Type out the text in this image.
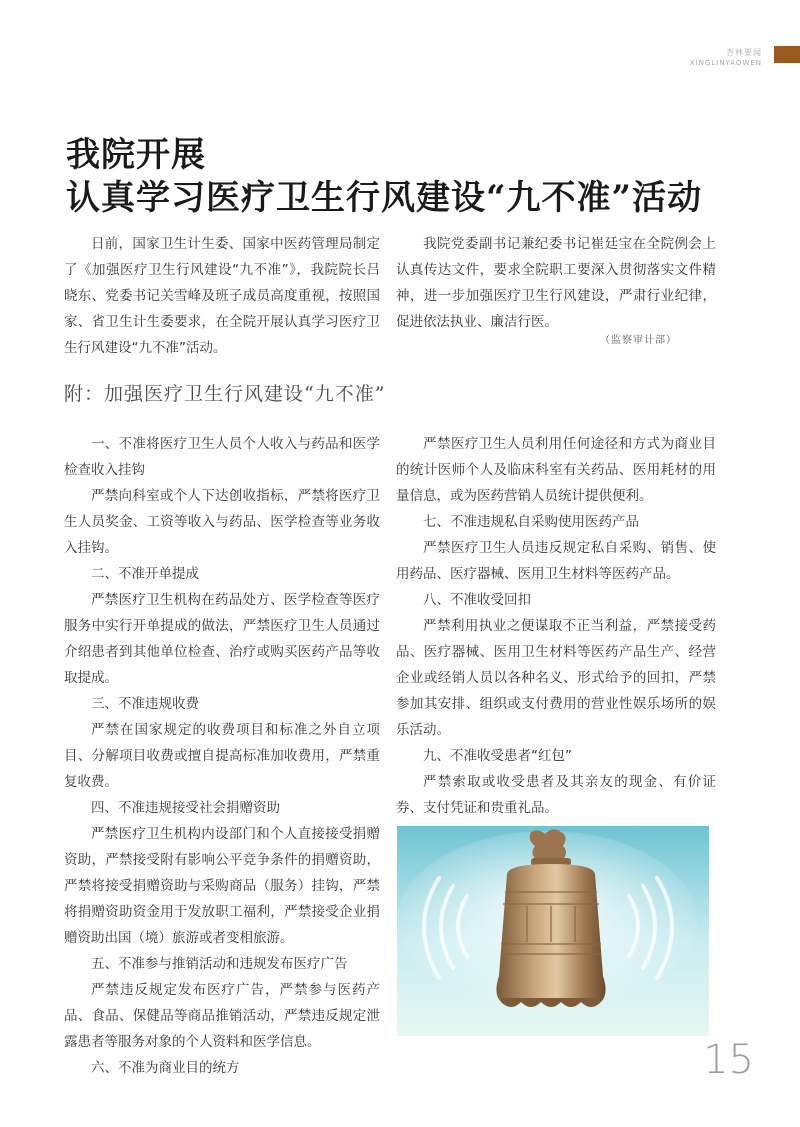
杏林要闻
XINGLINYAOWEN
我院开展
认真学习医疗卫生行风建设“九不准”活动

日前，国家卫生计生委、国家中医药管理局制定了《加强医疗卫生行风建设“九不准”》，我院院长吕晓东、党委书记关雪峰及班子成员高度重视，按照国家、省卫生计生委要求，在全院开展认真学习医疗卫生行风建设“九不准”活动。

我院党委副书记兼纪委书记崔廷宝在全院例会上认真传达文件，要求全院职工要深入贯彻落实文件精神，进一步加强医疗卫生行风建设，严肃行业纪律，促进依法执业、廉洁行医。

（监察审计部）
附：加强医疗卫生行风建设“九不准”

一、不准将医疗卫生人员个人收入与药品和医学检查收入挂钩

严禁向科室或个人下达创收指标，严禁将医疗卫生人员奖金、工资等收入与药品、医学检查等业务收入挂钩。

二、不准开单提成

严禁医疗卫生机构在药品处方、医学检查等医疗服务中实行开单提成的做法，严禁医疗卫生人员通过介绍患者到其他单位检查、治疗或购买医药产品等收取提成。

三、不准违规收费

严禁在国家规定的收费项目和标准之外自立项目、分解项目收费或擅自提高标准加收费用，严禁重复收费。

四、不准违规接受社会捐赠资助

严禁医疗卫生机构内设部门和个人直接接受捐赠资助，严禁接受附有影响公平竞争条件的捐赠资助，严禁将接受捐赠资助与采购商品（服务）挂钩，严禁将捐赠资助资金用于发放职工福利，严禁接受企业捐赠资助出国（境）旅游或者变相旅游。

五、不准参与推销活动和违规发布医疗广告

严禁违反规定发布医疗广告，严禁参与医药产品、食品、保健品等商品推销活动，严禁违反规定泄露患者等服务对象的个人资料和医学信息。

六、不准为商业目的统方

严禁医疗卫生人员利用任何途径和方式为商业目的统计医师个人及临床科室有关药品、医用耗材的用量信息，或为医药营销人员统计提供便利。

七、不准违规私自采购使用医药产品

严禁医疗卫生人员违反规定私自采购、销售、使用药品、医疗器械、医用卫生材料等医药产品。

八、不准收受回扣

严禁利用执业之便谋取不正当利益，严禁接受药品、医疗器械、医用卫生材料等医药产品生产、经营企业或经销人员以各种名义、形式给予的回扣，严禁参加其安排、组织或支付费用的营业性娱乐场所的娱乐活动。

九、不准收受患者“红包”

严禁索取或收受患者及其亲友的现金、有价证券、支付凭证和贵重礼品。

15
